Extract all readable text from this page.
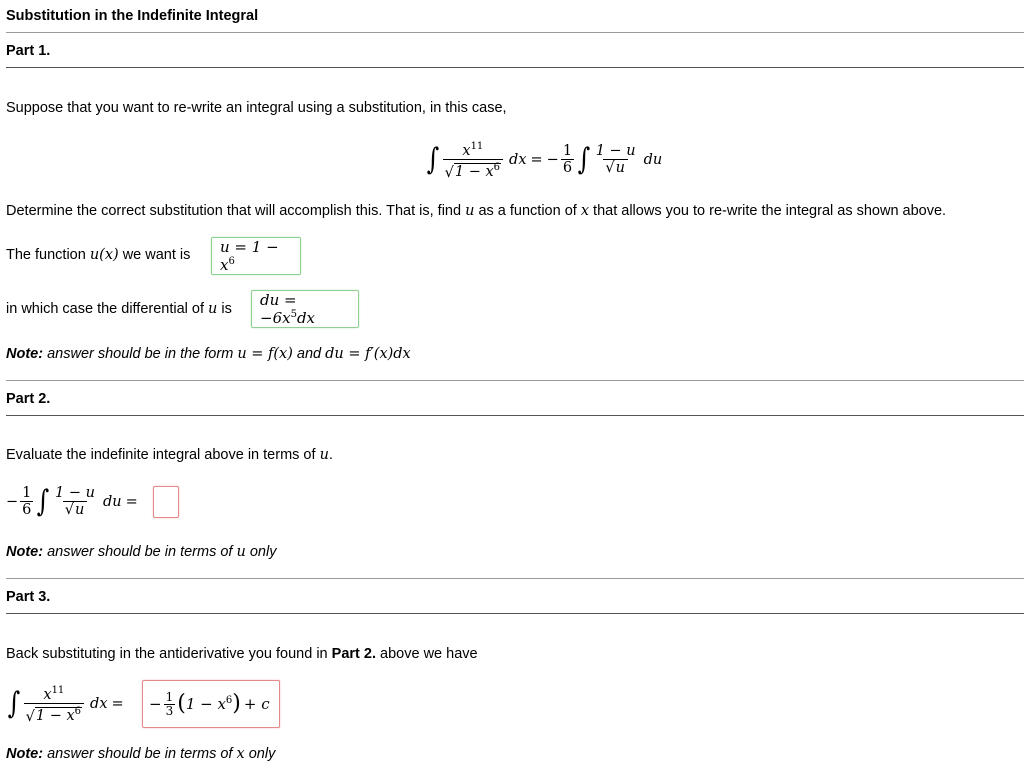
Substitution in the Indefinite Integral
Part 1.
Suppose that you want to re-write an integral using a substitution, in this case,
∫ $\frac{x^{11}}{√1 - x^6}$ dx = − $\frac{1}{6}$ ∫ $\frac{1 - u}{√u}$ du
Determine the correct substitution that will accomplish this. That is, find u as a function of x that allows you to re-write the integral as shown above.
The function u(x) we want is $u = 1 - x^6$
in which case the differential of u is du = $-6x^5dx$
Note: answer should be in the form u = f(x) and du = f′(x)dx
Part 2.
Evaluate the indefinite integral above in terms of u.
− $\frac{1}{6}$ ∫ $\frac{1 - u}{√u}$ du =
Note: answer should be in terms of u only
Part 3.
Back substituting in the antiderivative you found in Part 2. above we have
∫ $\frac{x^{11}}{√1 - x^6}$ dx = − $\frac{1}{3}$ ( $1 - x^6$ ) + c
Note: answer should be in terms of x only
